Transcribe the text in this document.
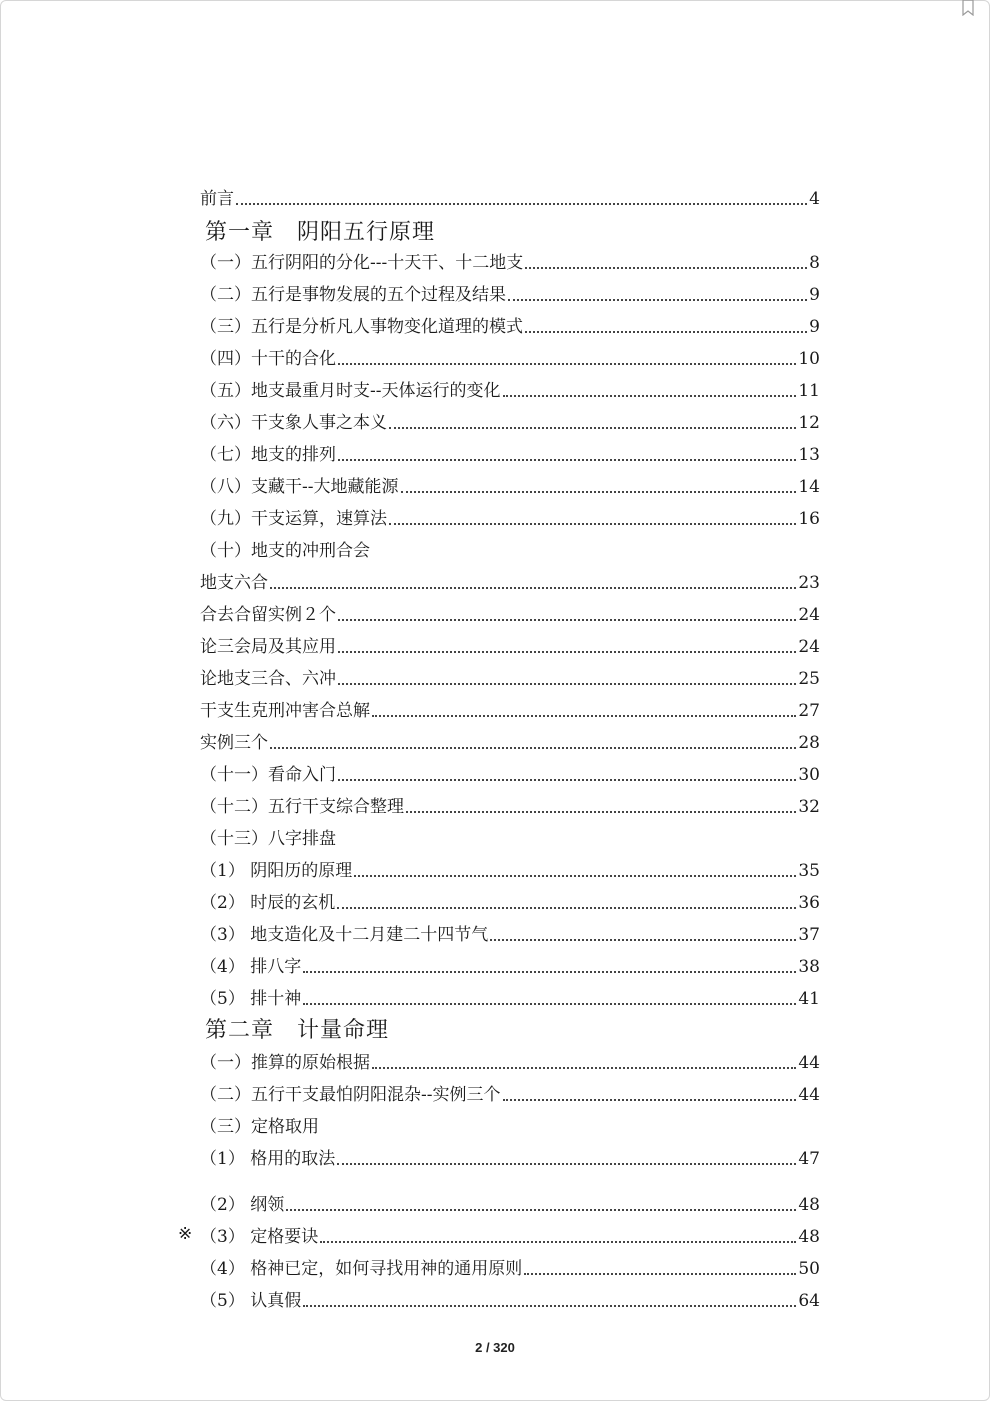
前言	4
第一章　阴阳五行原理
（一）五行阴阳的分化---十天干、十二地支	8
（二）五行是事物发展的五个过程及结果	9
（三）五行是分析凡人事物变化道理的模式	9
（四）十干的合化	10
（五）地支最重月时支--天体运行的变化	11
（六）干支象人事之本义	12
（七）地支的排列	13
（八）支藏干--大地藏能源	14
（九）干支运算，速算法	16
（十）地支的冲刑合会
地支六合	23
合去合留实例２个	24
论三会局及其应用	24
论地支三合、六冲	25
干支生克刑冲害合总解	27
实例三个	28
（十一）看命入门	30
（十二）五行干支综合整理	32
（十三）八字排盘
（1） 阴阳历的原理	35
（2） 时辰的玄机	36
（3） 地支造化及十二月建二十四节气	37
（4） 排八字	38
（5） 排十神	41
第二章　计量命理
（一）推算的原始根据	44
（二）五行干支最怕阴阳混杂--实例三个	44
（三）定格取用
（1） 格用的取法	47
（2） 纲领	48
※ （3） 定格要诀	48
（4） 格神已定，如何寻找用神的通用原则	50
（5） 认真假	64
2 / 320
